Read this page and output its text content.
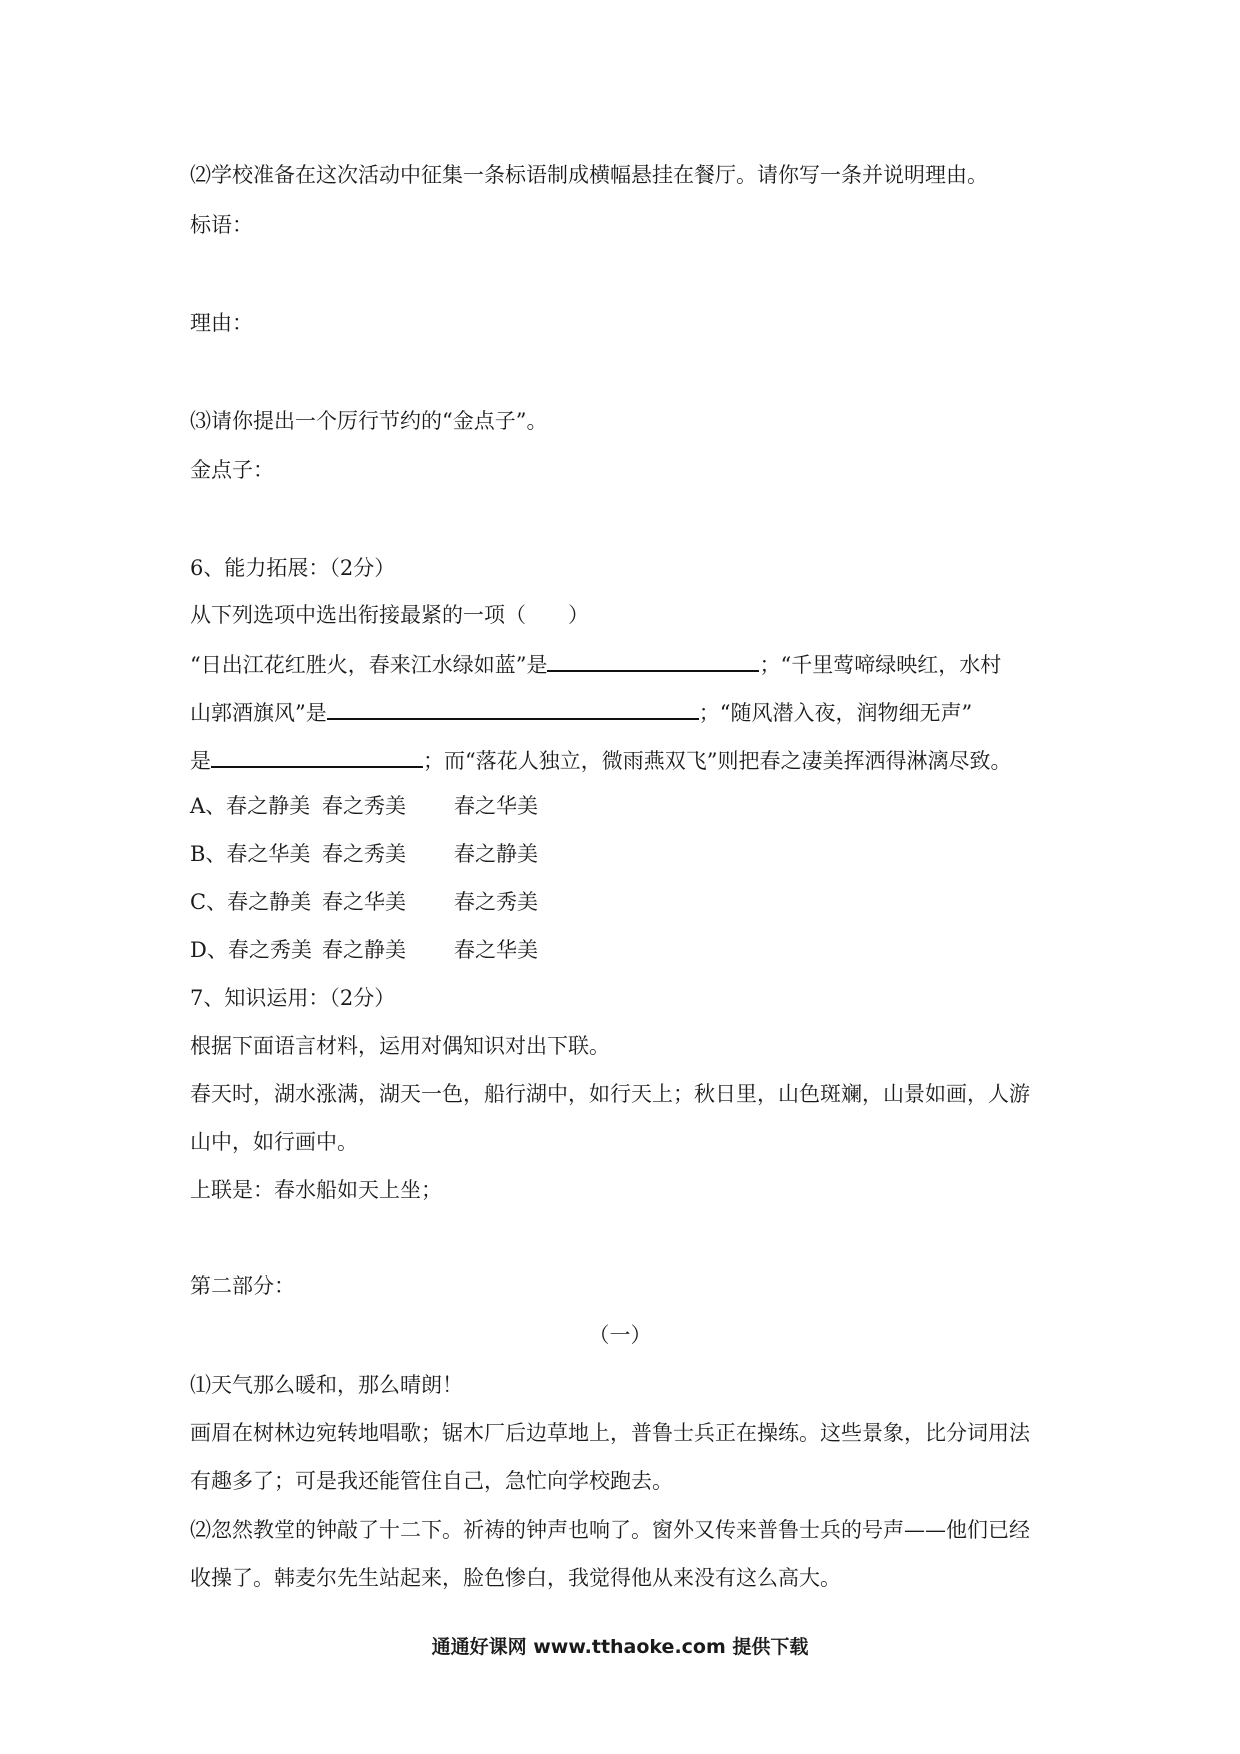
⑵学校准备在这次活动中征集一条标语制成横幅悬挂在餐厅。请你写一条并说明理由。
标语：
理由：
⑶请你提出一个厉行节约的“金点子”。
金点子：
6、能力拓展：（2分）
从下列选项中选出衔接最紧的一项（　　）
“日出江花红胜火，春来江水绿如蓝”是	；“千里莺啼绿映红，水村
山郭酒旗风”是	；“随风潜入夜，润物细无声”
是	；而“落花人独立，微雨燕双飞”则把春之凄美挥洒得淋漓尽致。
A、春之静美 春之秀美 春之华美
B、春之华美 春之秀美 春之静美
C、春之静美 春之华美 春之秀美
D、春之秀美 春之静美 春之华美
7、知识运用：（2分）
根据下面语言材料，运用对偶知识对出下联。
春天时，湖水涨满，湖天一色，船行湖中，如行天上；秋日里，山色斑斓，山景如画，人游
山中，如行画中。
上联是：春水船如天上坐；
第二部分：
（一）
⑴天气那么暖和，那么晴朗！
画眉在树林边宛转地唱歌；锯木厂后边草地上，普鲁士兵正在操练。这些景象，比分词用法
有趣多了；可是我还能管住自己，急忙向学校跑去。
⑵忽然教堂的钟敲了十二下。祈祷的钟声也响了。窗外又传来普鲁士兵的号声——他们已经
收操了。韩麦尔先生站起来，脸色惨白，我觉得他从来没有这么高大。
通通好课网 www.tthaoke.com 提供下载
